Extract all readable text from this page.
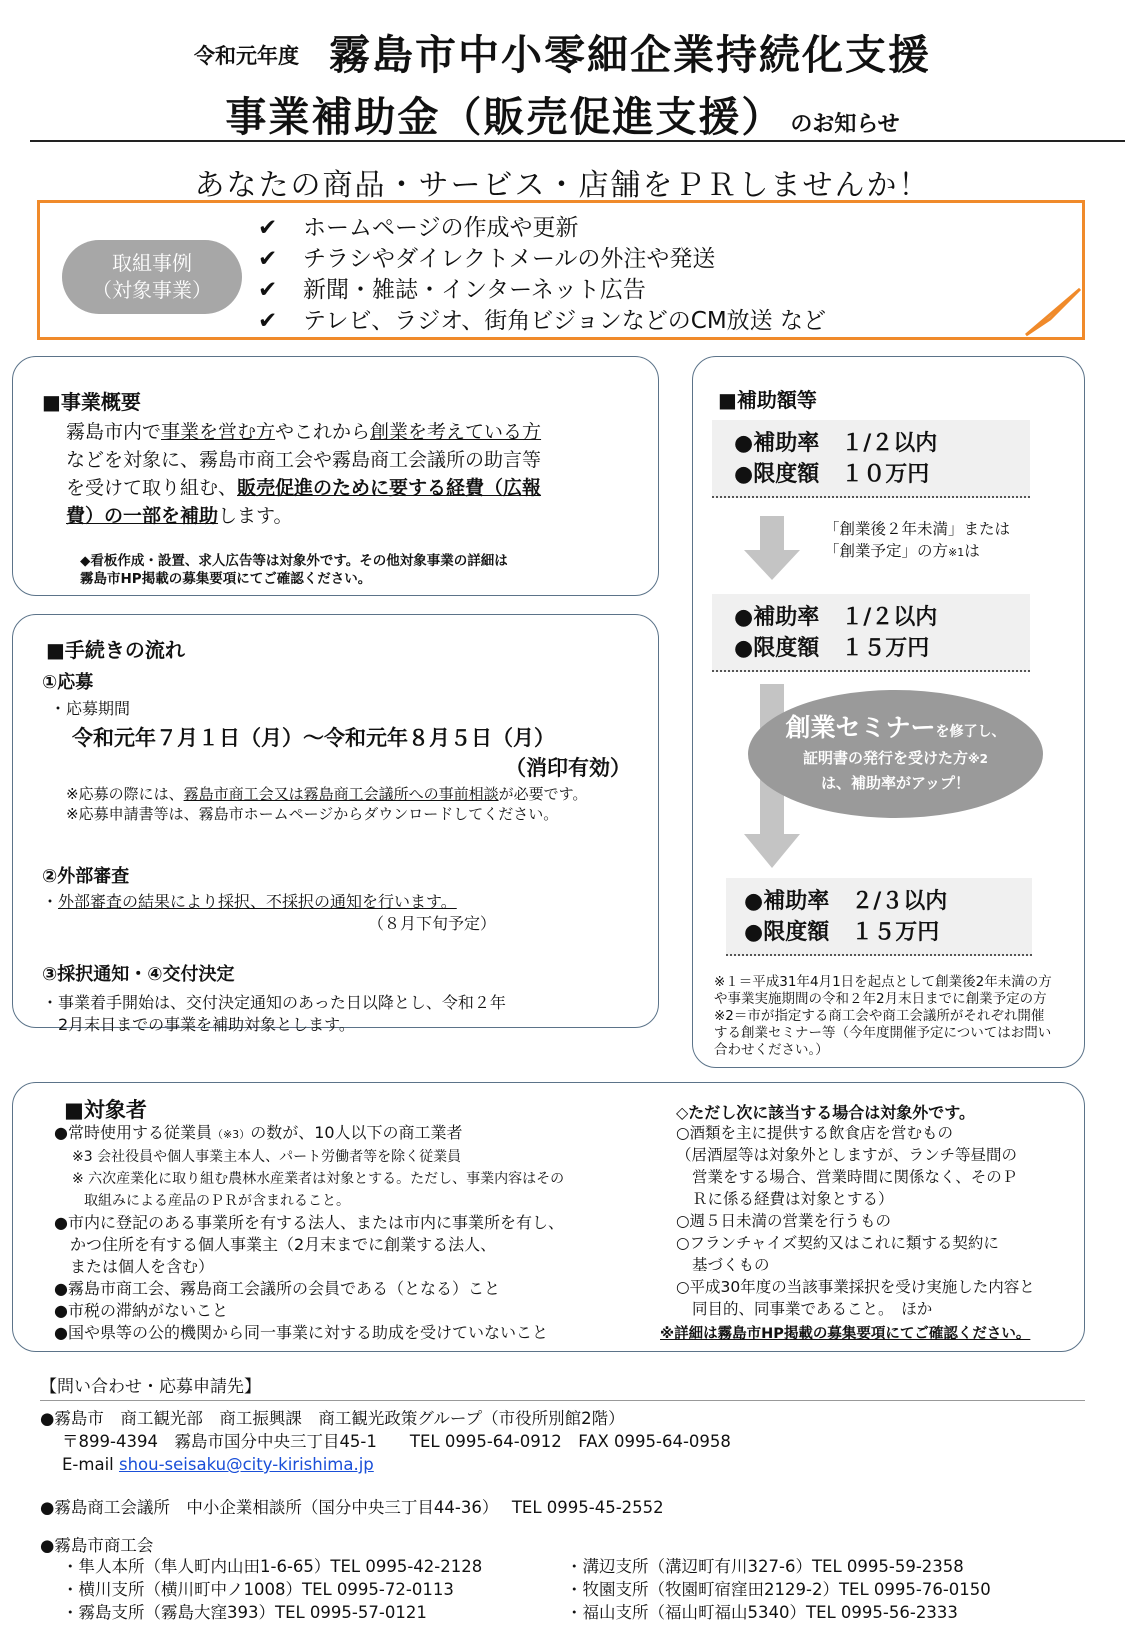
令和元年度 霧島市中小零細企業持続化支援
事業補助金（販売促進支援） のお知らせ
あなたの商品・サービス・店舗をＰＲしませんか！
取組事例
（対象事業）
✔ ホームページの作成や更新
✔ チラシやダイレクトメールの外注や発送
✔ 新聞・雑誌・インターネット広告
✔ テレビ、ラジオ、街角ビジョンなどのCM放送 など
■事業概要
霧島市内で事業を営む方やこれから創業を考えている方
などを対象に、霧島市商工会や霧島商工会議所の助言等
を受けて取り組む、販売促進のために要する経費（広報
費）の一部を補助します。
◆看板作成・設置、求人広告等は対象外です。その他対象事業の詳細は
霧島市HP掲載の募集要項にてご確認ください。
■手続きの流れ
①応募
・応募期間
令和元年７月１日（月）～令和元年８月５日（月）
（消印有効）
※応募の際には、霧島市商工会又は霧島商工会議所への事前相談が必要です。
※応募申請書等は、霧島市ホームページからダウンロードしてください。
②外部審査
・外部審査の結果により採択、不採択の通知を行います。
（８月下旬予定）
③採択通知・④交付決定
・事業着手開始は、交付決定通知のあった日以降とし、令和２年
2月末日までの事業を補助対象とします。
■補助額等
●補助率　１/２以内
●限度額　１０万円
「創業後２年未満」または
「創業予定」の方※1は
●補助率　１/２以内
●限度額　１５万円
創業セミナーを修了し、
証明書の発行を受けた方※2
は、補助率がアップ！
●補助率　２/３以内
●限度額　１５万円
※１＝平成31年4月1日を起点として創業後2年未満の方
や事業実施期間の令和２年2月末日までに創業予定の方
※2＝市が指定する商工会や商工会議所がそれぞれ開催
する創業セミナー等（今年度開催予定についてはお問い
合わせください。）
■対象者
●常時使用する従業員（※3）の数が、10人以下の商工業者
※3 会社役員や個人事業主本人、パート労働者等を除く従業員
※ 六次産業化に取り組む農林水産業者は対象とする。ただし、事業内容はその
取組みによる産品のＰＲが含まれること。
●市内に登記のある事業所を有する法人、または市内に事業所を有し、
かつ住所を有する個人事業主（2月末までに創業する法人、
または個人を含む）
●霧島市商工会、霧島商工会議所の会員である（となる）こと
●市税の滞納がないこと
●国や県等の公的機関から同一事業に対する助成を受けていないこと
◇ただし次に該当する場合は対象外です。
○酒類を主に提供する飲食店を営むもの
（居酒屋等は対象外としますが、ランチ等昼間の
営業をする場合、営業時間に関係なく、そのＰ
Ｒに係る経費は対象とする）
○週５日未満の営業を行うもの
○フランチャイズ契約又はこれに類する契約に
基づくもの
○平成30年度の当該事業採択を受け実施した内容と
同目的、同事業であること。　ほか
※詳細は霧島市HP掲載の募集要項にてご確認ください。
【問い合わせ・応募申請先】
●霧島市　商工観光部　商工振興課　商工観光政策グループ（市役所別館2階）
〒899-4394　霧島市国分中央三丁目45-1　　TEL 0995-64-0912　FAX 0995-64-0958
E-mail shou-seisaku@city-kirishima.jp
●霧島商工会議所　中小企業相談所（国分中央三丁目44-36）　 TEL 0995-45-2552
●霧島市商工会
・隼人本所（隼人町内山田1-6-65）TEL 0995-42-2128
・横川支所（横川町中ノ1008）TEL 0995-72-0113
・霧島支所（霧島大窪393）TEL 0995-57-0121
・溝辺支所（溝辺町有川327-6）TEL 0995-59-2358
・牧園支所（牧園町宿窪田2129-2）TEL 0995-76-0150
・福山支所（福山町福山5340）TEL 0995-56-2333
